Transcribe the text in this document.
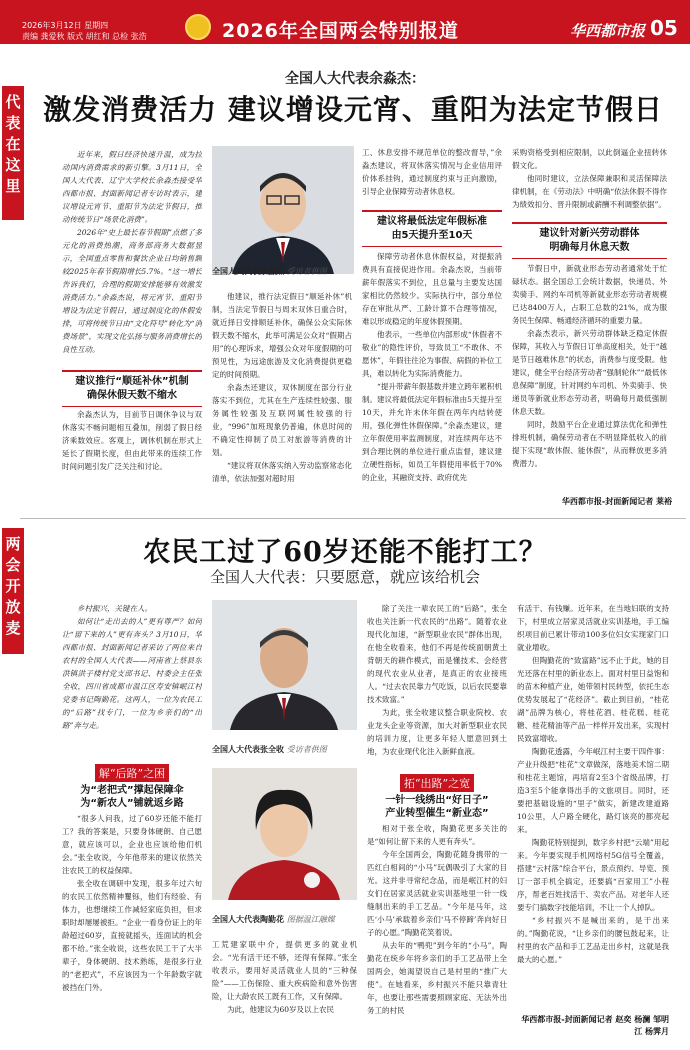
2026年3月12日 星期四
责编 龚爱秋 版式 胡红和 总检 张浩	2026年全国两会特别报道	华西都市报 05
代表在这里
全国人大代表余淼杰：
激发消费活力 建议增设元宵、重阳为法定节假日

近年来，假日经济快速升温，成为拉动国内消费需求的新引擎。3月11日，全国人大代表、辽宁大学校长余淼杰接受华西都市报、封面新闻记者专访时表示，建议增设元宵节、重阳节为法定节假日，推动传统节日“场景化消费”。

2026年“史上最长春节假期”点燃了多元化的消费热潮，商务部商务大数据显示，全国重点零售和餐饮企业日均销售额较2025年春节假期增长5.7%。“这一增长告诉我们，合理的假期安排能够有效激发消费活力。”余淼杰说，将元宵节、重阳节增设为法定节假日，通过制度化的休假安排，可将传统节日由“文化符号”转化为“消费场景”，实现文化弘扬与服务消费增长的良性互动。

建议推行“顺延补休”机制
确保休假天数不缩水

余淼杰认为，目前节日调休争议与双休落实不畅问题相互叠加，削弱了假日经济乘数效应。客观上，调休机制在形式上延长了假期长度，但由此带来的连续工作时间问题引发广泛关注和讨论。

全国人大代表余淼杰 受访者供图

他建议，推行法定假日“顺延补休”机制，当法定节假日与周末双休日重合时，就近择日安排顺延补休，确保公众实际休假天数不缩水，此举可满足公众对“假期占用”的心理诉求，增强公众对年度假期的可预见性，为远途旅游及文化消费提供更稳定的时间预期。

余淼杰还建议，双休制度在部分行业落实不到位，尤其在生产连续性较强、服务属性较强及互联网属性较强的行业，“996”加班现象仍普遍，休息时间的不确定性抑制了员工对旅游等消费的计划。

“建议将双休落实纳入劳动监察常态化清单，依法加强对超时用

工、休息安排不规范单位的整改督导，”余淼杰建议，将双休落实情况与企业信用评价体系挂钩，通过制度约束与正向激励，引导企业保障劳动者休息权。

建议将最低法定年假标准
由5天提升至10天

保障劳动者休息休假权益，对提振消费具有直接促进作用。余淼杰说，当前带薪年假落实不到位，且总量与主要发达国家相比仍然较少。实际执行中，部分单位存在审批从严、工龄计算不合理等情况，难以形成稳定的年度休假预期。

他表示，一些单位内部形成“休假者不敬业”的隐性评价，导致员工“不敢休、不愿休”，年假往往沦为事假、病假的补位工具，难以转化为实际消费能力。

“提升带薪年假基数并建立跨年累积机制。建议将最低法定年假标准由5天提升至10天，并允许未休年假在两年内结转使用，强化弹性休假保障。”余淼杰建议，建立年假使用率监测制度，对连续两年达不到合理比例的单位进行重点监督，建议建立硬性指标，如员工年假使用率低于70%的企业，其融资支持、政府优先

采购资格受到相应限制，以此倒逼企业扭转休假文化。

他同时建议，立法保障兼职和灵活保障法律机制，在《劳动法》中明确“依法休假不得作为绩效扣分、晋升限制或薪酬不利调整依据”。

建议针对新兴劳动群体
明确每月休息天数

节假日中，新就业形态劳动者通常处于忙碌状态。据全国总工会统计数据，快递员、外卖骑手、网约车司机等新就业形态劳动者规模已达8400万人，占职工总数的21%，成为服务民生保障、畅通经济循环的重要力量。

余淼杰表示，新兴劳动群体缺乏稳定休假保障，其收入与节假日订单高度相关，处于“越是节日越难休息”的状态，消费参与度受限。他建议，健全平台经济劳动者“强制轮休”“最低休息保障”制度，针对网约车司机、外卖骑手、快递员等新就业形态劳动者，明确每月最低强制休息天数。

同时，鼓励平台企业通过算法优化和弹性排班机制，确保劳动者在不明显降低收入的前提下实现“敢休假、能休假”，从而释放更多消费潜力。

华西都市报-封面新闻记者 莱裕
两会开放麦
农民工过了60岁还能不能打工？
全国人大代表：只要愿意，就应该给机会

乡村振兴，关键在人。

如何让“走出去的人”更有尊严？如何让“留下来的人”更有奔头？3月10日，华西都市报、封面新闻记者采访了两位来自农村的全国人大代表——河南省上蔡县东洪镇洪子楼村党支部书记、村委会主任张全收，四川省成都市温江区寿安镇岷江村党委书记陶勤花。这两人，一位为农民工的“后路”找专门，一位为乡亲们的“出路”奔与走。

解“后路”之困
为“老把式”撑起保障伞
为“新农人”铺就返乡路

“很多人问我，过了60岁还能不能打工？我的答案是，只要身体硬朗、自己愿意，就应该可以，企业也应该给他们机会。”张全收说，今年他带来的建议依然关注农民工的权益保障。

张全收在调研中发现，很多年过六旬的农民工依然精神矍铄，他们有经验、有体力，也想继续工作减轻家庭负担，但求职时却屡屡被拒。“企业一看身份证上的年龄超过60岁，直接就摇头，连面试的机会都不给。”张全收说，这些农民工干了大半辈子，身体硬朗、技术熟练，是很多行业的“老把式”，不应该因为一个年龄数字就被挡在门外。

全国人大代表张全收 受访者供图
全国人大代表陶勤花 图据温江融媒

工荒建家联中介，提供更多的就业机会。“光有活干还不够，还得有保障。”张全收表示，要用好灵活就业人员的“三种保险”——工伤保险、重大疾病险和意外伤害险，让大龄农民工既有工作，又有保障。

为此，他建议为60岁及以上农民

除了关注一辈农民工的“后路”，张全收也关注新一代农民的“出路”。随着农业现代化加速，“新型职业农民”群体出现，在他全收看来，他们不再是传统面朝黄土背朝天的耕作模式，而是懂技术、会经营的现代农业从业者，是真正的农业接班人。“过去农民靠力气吃饭，以后农民要靠技术致富。”

为此，张全收建议整合职业院校、农业龙头企业等资源，加大对新型职业农民的培训力度，让更多年轻人愿意回到土地，为农业现代化注入新鲜血液。

拓“出路”之宽
一针一线绣出“好日子”
产业转型催生“新业态”

相对于张全收，陶勤花更多关注的是“如何让留下来的人更有奔头”。

今年全国两会，陶勤花随身携带的一匹红白相间的“小马”玩偶吸引了大家的目光。这并非寻常纪念品，而是岷江村的妇女们在居家灵活就业实训基地里一针一线缝制出来的手工艺品。“今年是马年，这匹‘小马’承载着乡亲们‘马不停蹄’奔向好日子的心愿。”陶勤花笑着说。

从去年的“鸭兜”到今年的“小马”，陶勤花在统乡年将乡亲们的手工艺品带上全国两会，她渴望说自己是村里的“推广大使”。在她看来，乡村振兴不能只靠青壮年，也要让那些需要照顾家庭、无法外出务工的村民

有活干、有钱赚。近年来，在当地妇联的支持下，村里成立居家灵活就业实训基地，手工编织项目前已累计带动100多位妇女实现家门口就业增收。

但陶勤花的“致富路”远不止于此，她的目光还落在村里的新业态上。面对村里日益饱和的苗木种植产业，她带领村民转型，依托生态优势发展起了“花经济”。截止到目前，“桂花湖”品牌为核心，将桂花酒、桂花糕、桂花糖、桂花精油等产品一样样开发出来，实现村民致富增收。

陶勤花透露，今年岷江村主要干四件事：产业升级把“桂花”文章做深，落地美术馆二期和桂花主题馆，再培育2至3个省级品牌，打造3至5个能拿得出手的文旅项目。同时，还要把基础设施的“里子”做实，新建改建道路10公里，人户路全硬化，路灯该亮的都亮起来。

陶勤花特别提到，数字乡村把“云端”用起来。今年要实现手机网络村5G信号全覆盖，搭建“云村落”综合平台，景点预约、导览、预订一部手机全搞定，还要搞“百家用工”小程序，帮老百姓找活干、卖农产品。对老年人还要专门搞数字技能培训，不让一个人掉队。

“乡村振兴不是喊出来的，是干出来的。”陶勤花说，“让乡亲们的腰包鼓起来，让村里的农产品和手工艺品走出乡村，这就是我最大的心愿。”

华西都市报-封面新闻记者 赵奕 杨澜 邹明江 杨霁月
